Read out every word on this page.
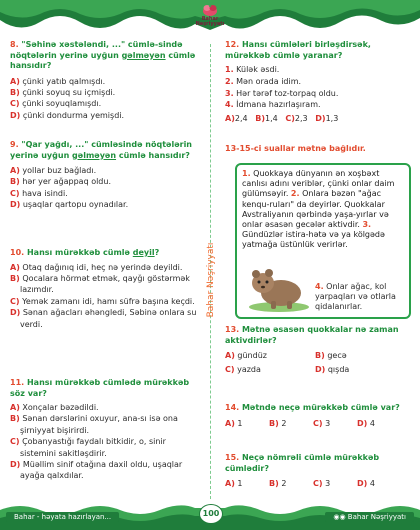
Bahar Nəşriyyatı
Bahar Nəşriyyatı
8. "Səhinə xəstələndi, ..." cümlə-sində nöqtələrin yerinə uyğun gəlməyən cümlə hansıdır?
A) çünki yatıb qalmışdı.
B) çünki soyuq su içmişdi.
C) çünki soyuqlamışdı.
D) çünki dondurma yemişdi.
9. "Qar yağdı, ..." cümləsində nöqtələrin yerinə uyğun gəlməyən cümlə hansıdır?
A) yollar buz bağladı.
B) hər yer ağappaq oldu.
C) hava isindi.
D) uşaqlar qartopu oynadılar.
10. Hansı mürəkkəb cümlə deyil?
A) Otaq dağınıq idi, heç nə yerində deyildi.
B) Qocalara hörmət etmək, qayğı göstərmək lazımdır.
C) Yemək zamanı idi, hamı süfrə başına keçdi.
D) Sənan ağacları əhəngledi, Səbinə onlara su verdi.
11. Hansı mürəkkəb cümlədə mürəkkəb söz var?
A) Xonçalar bəzədildi.
B) Sənan dərslərini oxuyur, ana-sı isə ona şirniyyat bişirirdi.
C) Çobanyastığı faydalı bitkidir, o, sinir sistemini sakitləşdirir.
D) Müəllim sinif otağına daxil oldu, uşaqlar ayağa qalxdılar.
12. Hansı cümlələri birləşdirsək, mürəkkəb cümlə yaranar?
1. Külək əsdi.
2. Mən orada idim.
3. Hər tərəf toz-torpaq oldu.
4. İdmana hazırlaşıram.
A)2,4 B)1,4 C)2,3 D)1,3
13-15-ci suallar mətnə bağlıdır.
1. Quokkaya dünyanın ən xoşbəxt canlısı adını veriblər, çünki onlar daim gülümsəyir. 2. Onlara bəzən "ağac kenqu-ruları" da deyirlər. Quokkalar Avstraliyanın qərbində yaşa-yırlar və onlar əsasən gecələr aktivdir. 3. Gündüzlər istira-hətə və ya kölgədə yatmağa üstünlük verirlər.
4. Onlar ağac, kol yarpaqları və otlarla qidalanırlar.
13. Mətnə əsasən quokkalar nə zaman aktivdirlər?
A) gündüz	B) gecə
C) yazda	D) qışda
14. Mətndə neçə mürəkkəb cümlə var?
A) 1	B) 2	C) 3	D) 4
15. Neçə nömrəli cümlə mürəkkəb cümlədir?
A) 1	B) 2	C) 3	D) 4
Bahar - həyata hazırlayan...	100	◉◉ Bahar Nəşriyyatı
